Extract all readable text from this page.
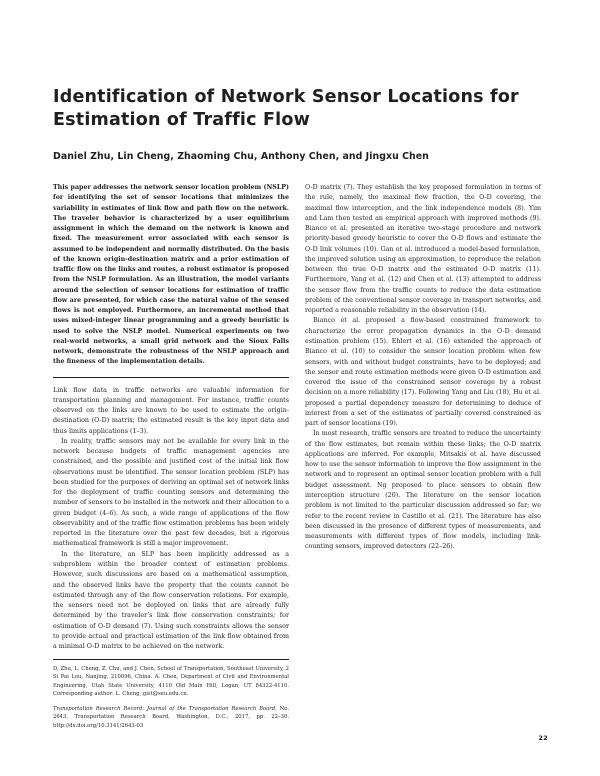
Identification of Network Sensor Locations for Estimation of Traffic Flow
Daniel Zhu, Lin Cheng, Zhaoming Chu, Anthony Chen, and Jingxu Chen
This paper addresses the network sensor location problem (NSLP) for identifying the set of sensor locations that minimizes the variability in estimates of link flow and path flow on the network. The traveler behavior is characterized by a user equilibrium assignment in which the demand on the network is known and fixed. The measurement error associated with each sensor is assumed to be independent and normally distributed. On the basis of the known origin-destination matrix and a prior estimation of traffic flow on the links and routes, a robust estimator is proposed from the NSLP formulation. As an illustration, the model variants around the selection of sensor locations for estimation of traffic flow are presented, for which case the natural value of the sensed flows is not employed. Furthermore, an incremental method that uses mixed-integer linear programming and a greedy heuristic is used to solve the NSLP model. Numerical experiments on two real-world networks, a small grid network and the Sioux Falls network, demonstrate the robustness of the NSLP approach and the fineness of the implementation details.

Link flow data in traffic networks are valuable information for transportation planning and management. For instance, traffic counts observed on the links are known to be used to estimate the origin-destination (O-D) matrix; the estimated result is the key input data and thus limits applications (1–3).

In reality, traffic sensors may not be available for every link in the network because budgets of traffic management agencies are constrained, and the possible and justified cost of the initial link flow observations must be identified. The sensor location problem (SLP) has been studied for the purposes of deriving an optimal set of network links for the deployment of traffic counting sensors and determining the number of sensors to be installed in the network and their allocation to a given budget (4–6). As such, a wide range of applications of the flow observability and of the traffic flow estimation problems has been widely reported in the literature over the past few decades, but a rigorous mathematical framework is still a major improvement.

In the literature, an SLP has been implicitly addressed as a subproblem within the broader context of estimation problems. However, such discussions are based on a mathematical assumption, and the observed links have the property that the counts cannot be estimated through any of the flow conservation relations. For example, the sensors need not be deployed on links that are already fully determined by the traveler’s link flow conservation constraints; for estimation of O-D demand (7). Using such constraints allows the sensor to provide actual and practical estimation of the link flow obtained from a minimal O-D matrix to be achieved on the network.

O-D matrix (7). They establish the key proposed formulation in terms of the rule, namely, the maximal flow fraction, the O-D covering, the maximal flow interception, and the link independence models (8). Yim and Lam then tested an empirical approach with improved methods (9). Bianco et al. presented an iterative two-stage procedure and network priority-based greedy heuristic to cover the O-D flows and estimate the O-D link volumes (10). Gan et al. introduced a model-based formulation, the improved solution using an approximation, to reproduce the relation between the true O-D matrix and the estimated O-D matrix (11). Furthermore, Yang et al. (12) and Chen et al. (13) attempted to address the sensor flow from the traffic counts to reduce the data estimation problem of the conventional sensor coverage in transport networks, and reported a reasonable reliability in the observation (14).

Bianco et al. proposed a flow-based constrained framework to characterize the error propagation dynamics in the O-D demand estimation problem (15). Ehlert et al. (16) extended the approach of Bianco et al. (10) to consider the sensor location problem when few sensors, with and without budget constraints, have to be deployed; and the sensor and route estimation methods were given O-D estimation and covered the issue of the constrained sensor coverage by a robust decision on a more reliability (17). Following Yang and Liu (18), Hu et al. proposed a partial dependency measure for determining to deduce of interest from a set of the estimates of partially covered constrained as part of sensor locations (19).

In most research, traffic sensors are treated to reduce the uncertainty of the flow estimates, but remain within these links; the O-D matrix applications are inferred. For example, Mitsakis et al. have discussed how to use the sensor information to improve the flow assignment in the network and to represent an optimal sensor location problem with a full budget assessment. Ng proposed to place sensors to obtain flow interception structure (20). The literature on the sensor location problem is not limited to the particular discussion addressed so far; we refer to the recent review in Castillo et al. (21). The literature has also been discussed in the presence of different types of measurements, and measurements with different types of flow models, including link-counting sensors, improved detectors (22–26).

D. Zhu, L. Cheng, Z. Chu, and J. Chen, School of Transportation, Southeast University, 2 Si Pai Lou, Nanjing, 210096, China. A. Chen, Department of Civil and Environmental Engineering, Utah State University, 4110 Old Main Hill, Logan, UT 84322-4110. Corresponding author: L. Cheng, gist@seu.edu.cn.

Transportation Research Record: Journal of the Transportation Research Board, No. 2643, Transportation Research Board, Washington, D.C., 2017, pp. 22–30. http://dx.doi.org/10.3141/2643-03

22
